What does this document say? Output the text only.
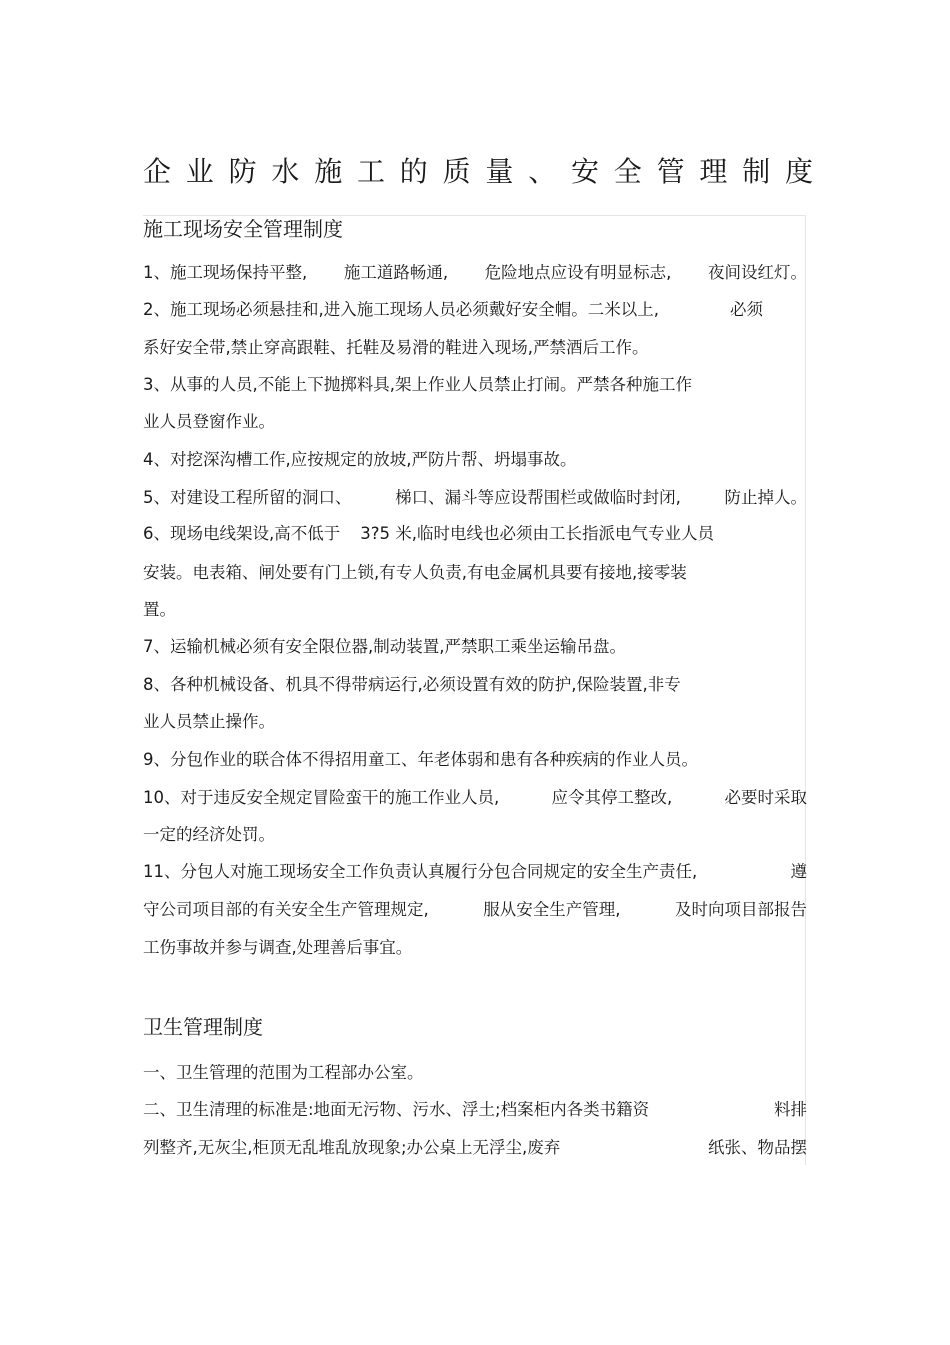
企业防水施工的质量、安全管理制度
施工现场安全管理制度
1、施工现场保持平整, 施工道路畅通, 危险地点应设有明显标志, 夜间设红灯。
2、施工现场必须悬挂和,进入施工现场人员必须戴好安全帽。二米以上,	必须
系好安全带,禁止穿高跟鞋、托鞋及易滑的鞋进入现场,严禁酒后工作。
3、从事的人员,不能上下抛掷料具,架上作业人员禁止打闹。严禁各种施工作
业人员登窗作业。
4、对挖深沟槽工作,应按规定的放坡,严防片帮、坍塌事故。
5、对建设工程所留的洞口、	梯口、漏斗等应设帮围栏或做临时封闭,	防止掉人。
6、现场电线架设,高不低于 3?5 米,临时电线也必须由工长指派电气专业人员
安装。电表箱、闸处要有门上锁,有专人负责,有电金属机具要有接地,接零装
置。
7、运输机械必须有安全限位器,制动装置,严禁职工乘坐运输吊盘。
8、各种机械设备、机具不得带病运行,必须设置有效的防护,保险装置,非专
业人员禁止操作。
9、分包作业的联合体不得招用童工、年老体弱和患有各种疾病的作业人员。
10、对于违反安全规定冒险蛮干的施工作业人员,	应令其停工整改,	必要时采取
一定的经济处罚。
11、分包人对施工现场安全工作负责认真履行分包合同规定的安全生产责任,	遵
守公司项目部的有关安全生产管理规定,	服从安全生产管理,	及时向项目部报告
工伤事故并参与调查,处理善后事宜。
卫生管理制度
一、卫生管理的范围为工程部办公室。
二、卫生清理的标准是:地面无污物、污水、浮土;档案柜内各类书籍资	料排
列整齐,无灰尘,柜顶无乱堆乱放现象;办公桌上无浮尘,废弃	纸张、物品摆
